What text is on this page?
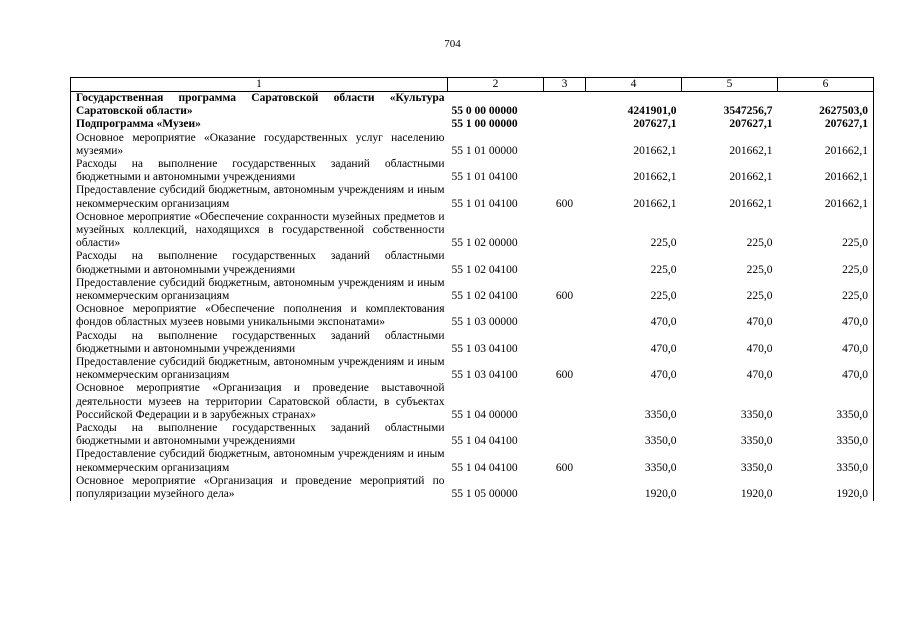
704
1	2	3	4	5	6
Государственная программа Саратовской области «Культура Саратовской области»	55 0 00 00000		4241901,0	3547256,7	2627503,0
Подпрограмма «Музеи»	55 1 00 00000		207627,1	207627,1	207627,1
Основное мероприятие «Оказание государственных услуг населению музеями»	55 1 01 00000		201662,1	201662,1	201662,1
Расходы на выполнение государственных заданий областными бюджетными и автономными учреждениями	55 1 01 04100		201662,1	201662,1	201662,1
Предоставление субсидий бюджетным, автономным учреждениям и иным некоммерческим организациям	55 1 01 04100	600	201662,1	201662,1	201662,1
Основное мероприятие «Обеспечение сохранности музейных предметов и музейных коллекций, находящихся в государственной собственности области»	55 1 02 00000		225,0	225,0	225,0
Расходы на выполнение государственных заданий областными бюджетными и автономными учреждениями	55 1 02 04100		225,0	225,0	225,0
Предоставление субсидий бюджетным, автономным учреждениям и иным некоммерческим организациям	55 1 02 04100	600	225,0	225,0	225,0
Основное мероприятие «Обеспечение пополнения и комплектования фондов областных музеев новыми уникальными экспонатами»	55 1 03 00000		470,0	470,0	470,0
Расходы на выполнение государственных заданий областными бюджетными и автономными учреждениями	55 1 03 04100		470,0	470,0	470,0
Предоставление субсидий бюджетным, автономным учреждениям и иным некоммерческим организациям	55 1 03 04100	600	470,0	470,0	470,0
Основное мероприятие «Организация и проведение выставочной деятельности музеев на территории Саратовской области, в субъектах Российской Федерации и в зарубежных странах»	55 1 04 00000		3350,0	3350,0	3350,0
Расходы на выполнение государственных заданий областными бюджетными и автономными учреждениями	55 1 04 04100		3350,0	3350,0	3350,0
Предоставление субсидий бюджетным, автономным учреждениям и иным некоммерческим организациям	55 1 04 04100	600	3350,0	3350,0	3350,0
Основное мероприятие «Организация и проведение мероприятий по популяризации музейного дела»	55 1 05 00000		1920,0	1920,0	1920,0
